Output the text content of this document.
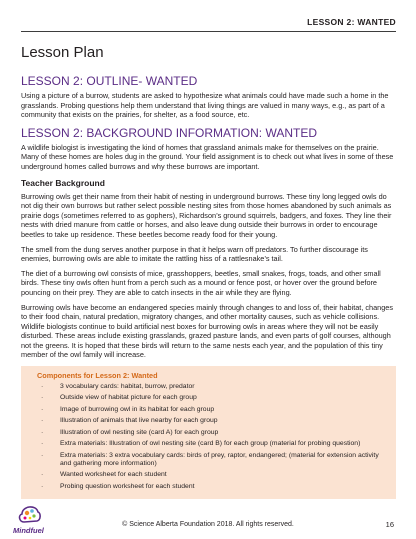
LESSON 2: WANTED
Lesson Plan
LESSON 2: OUTLINE- WANTED

Using a picture of a burrow, students are asked to hypothesize what animals could have made such a home in the grasslands. Probing questions help them understand that living things are valued in many ways, e.g., as part of a community that exists on the prairies, for shelter, as a food source, etc.

LESSON 2: BACKGROUND INFORMATION: WANTED

A wildlife biologist is investigating the kind of homes that grassland animals make for themselves on the prairie. Many of these homes are holes dug in the ground. Your field assignment is to check out what lives in some of these underground homes called burrows and why these burrows are important.

Teacher Background

Burrowing owls get their name from their habit of nesting in underground burrows. These tiny long legged owls do not dig their own burrows but rather select possible nesting sites from those homes abandoned by such animals as prairie dogs (sometimes referred to as gophers), Richardson’s ground squirrels, badgers, and foxes. They line their nests with dried manure from cattle or horses, and also leave dung outside their burrows in order to encourage beetles to take up residence. These beetles become ready food for their young.

The smell from the dung serves another purpose in that it helps warn off predators. To further discourage its enemies, burrowing owls are able to imitate the rattling hiss of a rattlesnake’s tail.

The diet of a burrowing owl consists of mice, grasshoppers, beetles, small snakes, frogs, toads, and other small birds. These tiny owls often hunt from a perch such as a mound or fence post, or hover over the ground before pouncing on their prey. They are able to catch insects in the air while they are flying.

Burrowing owls have become an endangered species mainly through changes to and loss of, their habitat, changes to their food chain, natural predation, migratory changes, and other mortality causes, such as vehicle collisions. Wildlife biologists continue to build artificial nest boxes for burrowing owls in areas where they will not be easily disturbed. These areas include existing grasslands, grazed pasture lands, and even parts of golf courses, although not the greens. It is hoped that these birds will return to the same nests each year, and the population of this tiny member of the owl family will increase.

Components for Lesson 2: Wanted
· 3 vocabulary cards: habitat, burrow, predator
· Outside view of habitat picture for each group
· Image of burrowing owl in its habitat for each group
· Illustration of animals that live nearby for each group
· Illustration of owl nesting site (card A) for each group
· Extra materials: Illustration of owl nesting site (card B) for each group (material for probing question)
· Extra materials: 3 extra vocabulary cards: birds of prey, raptor, endangered; (material for extension activity and gathering more information)
· Wanted worksheet for each student
· Probing question worksheet for each student
Mindfuel
© Science Alberta Foundation 2018. All rights reserved.	16
